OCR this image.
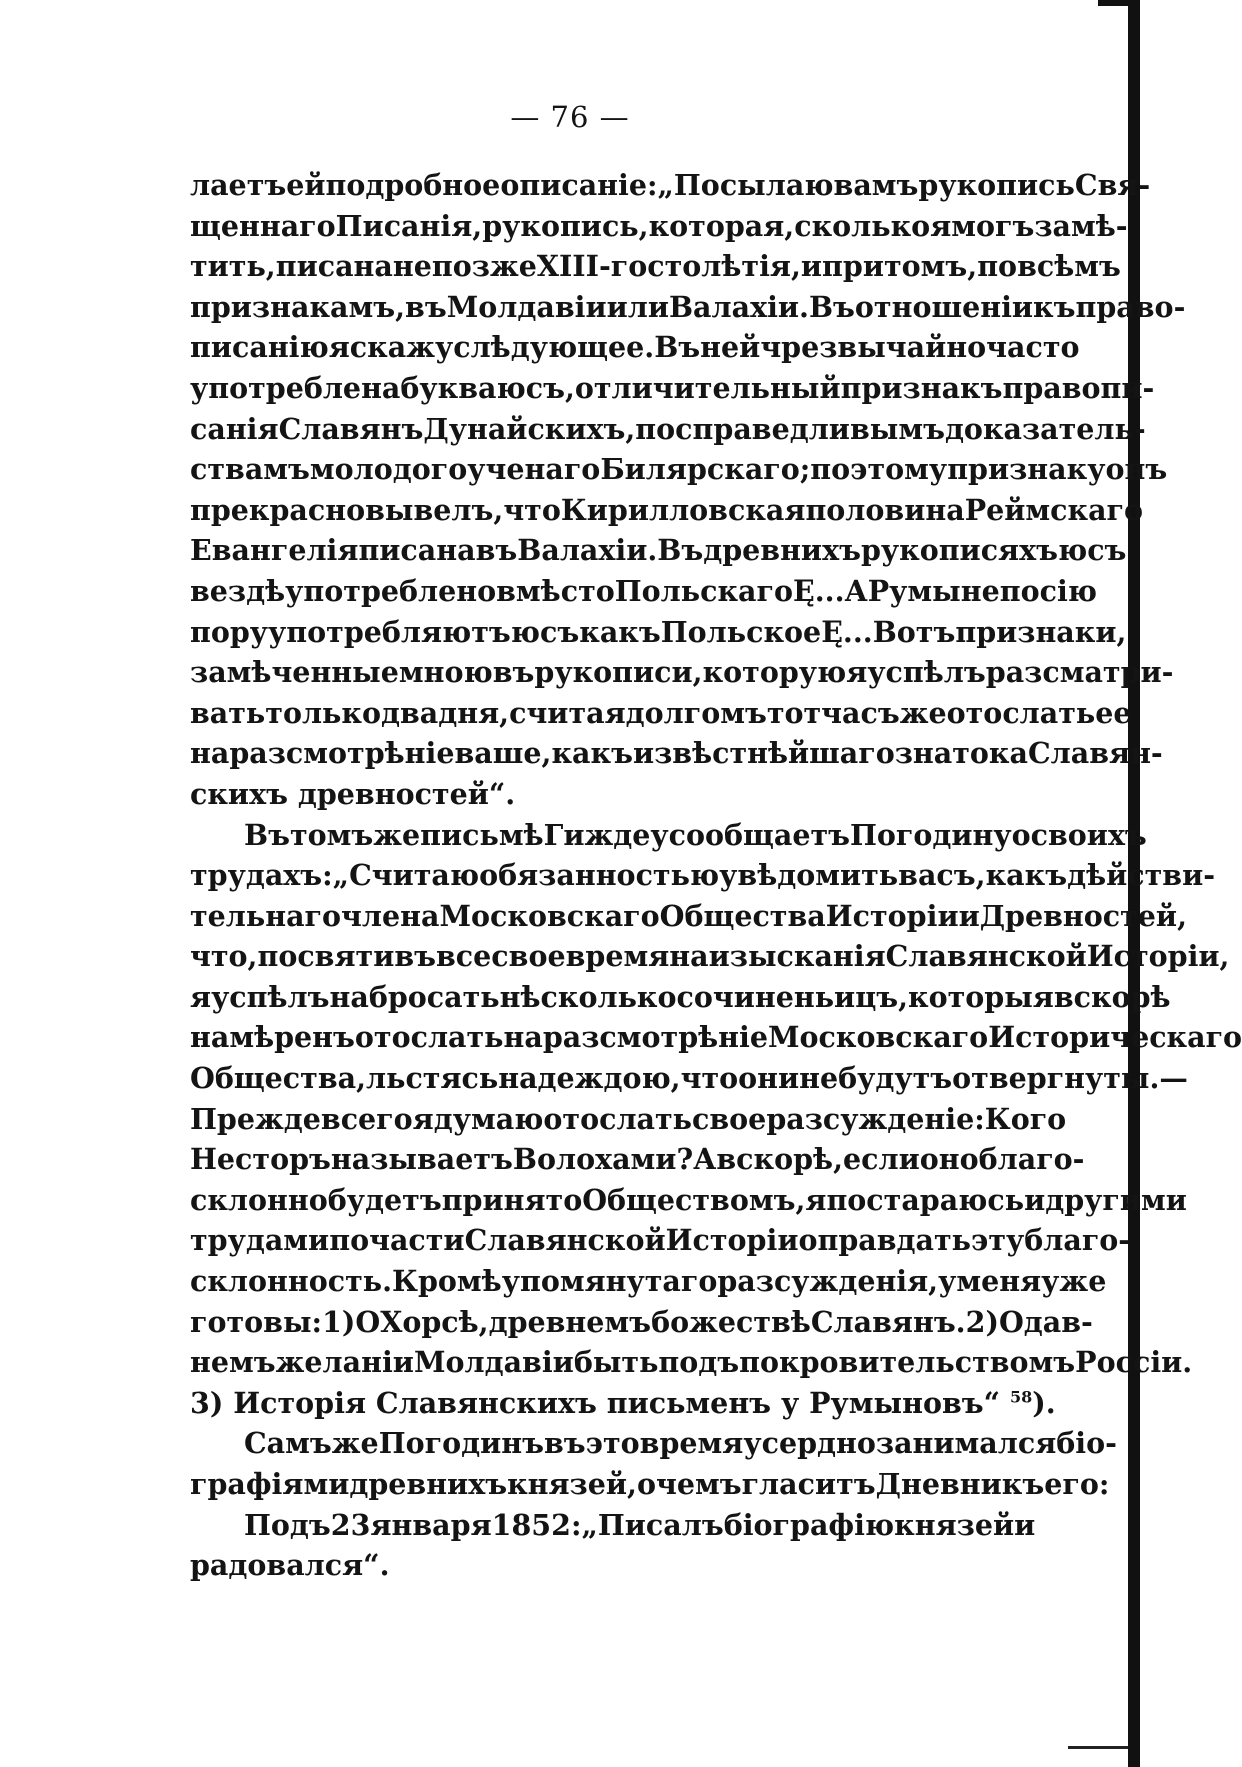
— 76 —
лаетъ ей подробное описаніе: „Посылаю вамъ рукопись Свя-
щеннаго Писанія, рукопись, которая, сколько я могъ замѣ-
тить, писана не позже XIII-го столѣтія, и притомъ, по всѣмъ
признакамъ, въ Молдавіи или Валахіи. Въ отношеніи къ право-
писанію я скажу слѣдующее. Въ ней чрезвычайно часто
употреблена буква юсъ, отличительный признакъ правопи-
санія Славянъ Дунайскихъ, по справедливымъ доказатель-
ствамъ молодого ученаго Билярскаго; по этому признаку онъ
прекрасно вывелъ, что Кирилловская половина Реймскаго
Евангелія писана въ Валахіи. Въ древнихъ рукописяхъ юсъ
вездѣ употреблено вмѣсто Польскаго Ę... А Румыне по сію
пору употребляютъ юсъ какъ Польское Ę... Вотъ признаки,
замѣченные мною въ рукописи, которую я успѣлъ разсматри-
вать только два дня, считая долгомъ тотчасъ же отослать ее
на разсмотрѣніе ваше, какъ извѣстнѣйшаго знатока Славян-
скихъ древностей“.
Въ томъ же письмѣ Гиждеу сообщаетъ Погодину о своихъ
трудахъ: „Считаю обязанностью увѣдомить васъ, какъ дѣйстви-
тельнаго члена Московскаго Общества Исторіи и Древностей,
что, посвятивъ все свое время на изысканія Славянской Исторіи,
я успѣлъ набросать нѣсколько сочиненьицъ, которыя вскорѣ
намѣренъ отослать на разсмотрѣніе Московскаго Историческаго
Общества, льстясь надеждою, что они не будутъ отвергнуты.—
Прежде всего я думаю отослать свое разсужденіе: Кого
Несторъ называетъ Волохами? А вскорѣ, если оно благо-
склонно будетъ принято Обществомъ, я постараюсь и другими
трудами по части Славянской Исторіи оправдать эту благо-
склонность. Кромѣ упомянутаго разсужденія, у меня уже
готовы: 1) О Хорсѣ, древнемъ божествѣ Славянъ. 2) О дав-
немъ желаніи Молдавіи быть подъ покровительствомъ Россіи.
3) Исторія Славянскихъ письменъ у Румыновъ“ $^{58}$).
Самъ же Погодинъ въ это время усердно занимался біо-
графіями древнихъ князей, о чемъ гласитъ Дневникъ его:
Подъ 23 января 1852: „Писалъ біографію князей и
радовался“.
